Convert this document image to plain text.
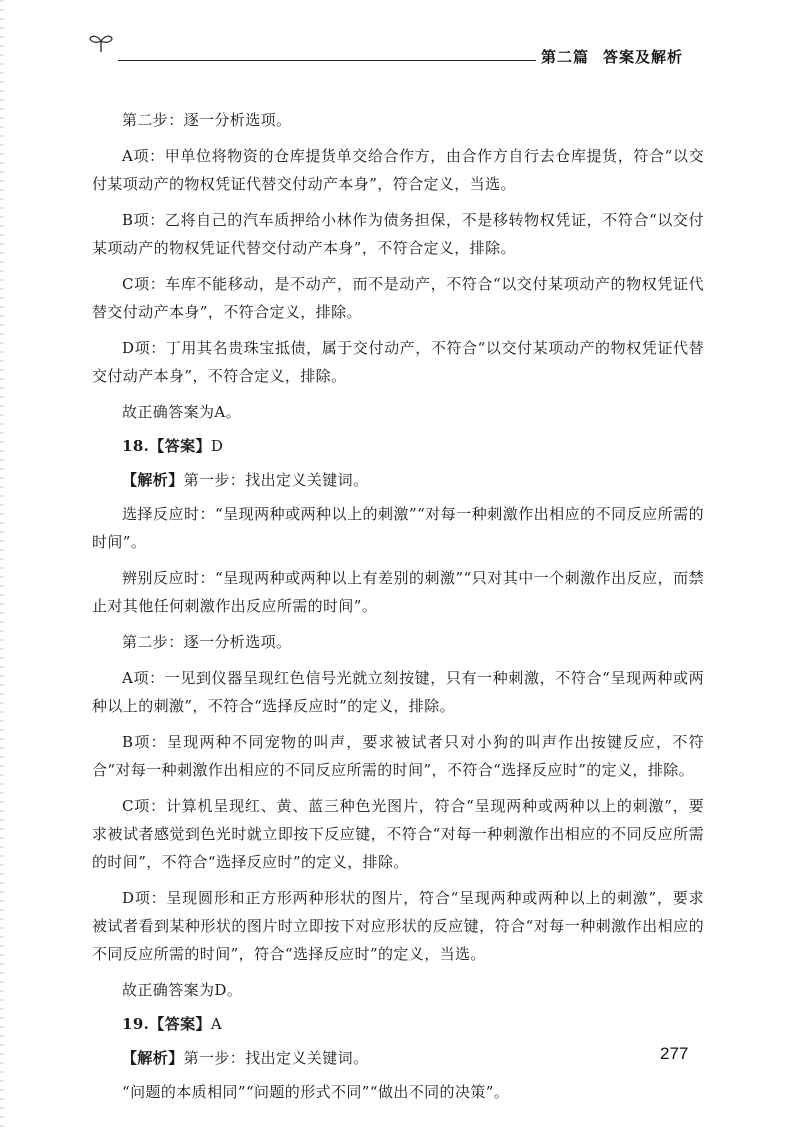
第二篇 答案及解析

第二步：逐一分析选项。

A项：甲单位将物资的仓库提货单交给合作方，由合作方自行去仓库提货，符合“以交付某项动产的物权凭证代替交付动产本身”，符合定义，当选。

B项：乙将自己的汽车质押给小林作为债务担保，不是移转物权凭证，不符合“以交付某项动产的物权凭证代替交付动产本身”，不符合定义，排除。

C项：车库不能移动，是不动产，而不是动产，不符合“以交付某项动产的物权凭证代替交付动产本身”，不符合定义，排除。

D项：丁用其名贵珠宝抵债，属于交付动产，不符合“以交付某项动产的物权凭证代替交付动产本身”，不符合定义，排除。

故正确答案为A。

18.【答案】D

【解析】第一步：找出定义关键词。

选择反应时：“呈现两种或两种以上的刺激”“对每一种刺激作出相应的不同反应所需的时间”。

辨别反应时：“呈现两种或两种以上有差别的刺激”“只对其中一个刺激作出反应，而禁止对其他任何刺激作出反应所需的时间”。

第二步：逐一分析选项。

A项：一见到仪器呈现红色信号光就立刻按键，只有一种刺激，不符合“呈现两种或两种以上的刺激”，不符合“选择反应时”的定义，排除。

B项：呈现两种不同宠物的叫声，要求被试者只对小狗的叫声作出按键反应，不符合“对每一种刺激作出相应的不同反应所需的时间”，不符合“选择反应时”的定义，排除。

C项：计算机呈现红、黄、蓝三种色光图片，符合“呈现两种或两种以上的刺激”，要求被试者感觉到色光时就立即按下反应键，不符合“对每一种刺激作出相应的不同反应所需的时间”，不符合“选择反应时”的定义，排除。

D项：呈现圆形和正方形两种形状的图片，符合“呈现两种或两种以上的刺激”，要求被试者看到某种形状的图片时立即按下对应形状的反应键，符合“对每一种刺激作出相应的不同反应所需的时间”，符合“选择反应时”的定义，当选。

故正确答案为D。

19.【答案】A

【解析】第一步：找出定义关键词。

“问题的本质相同”“问题的形式不同”“做出不同的决策”。

277
